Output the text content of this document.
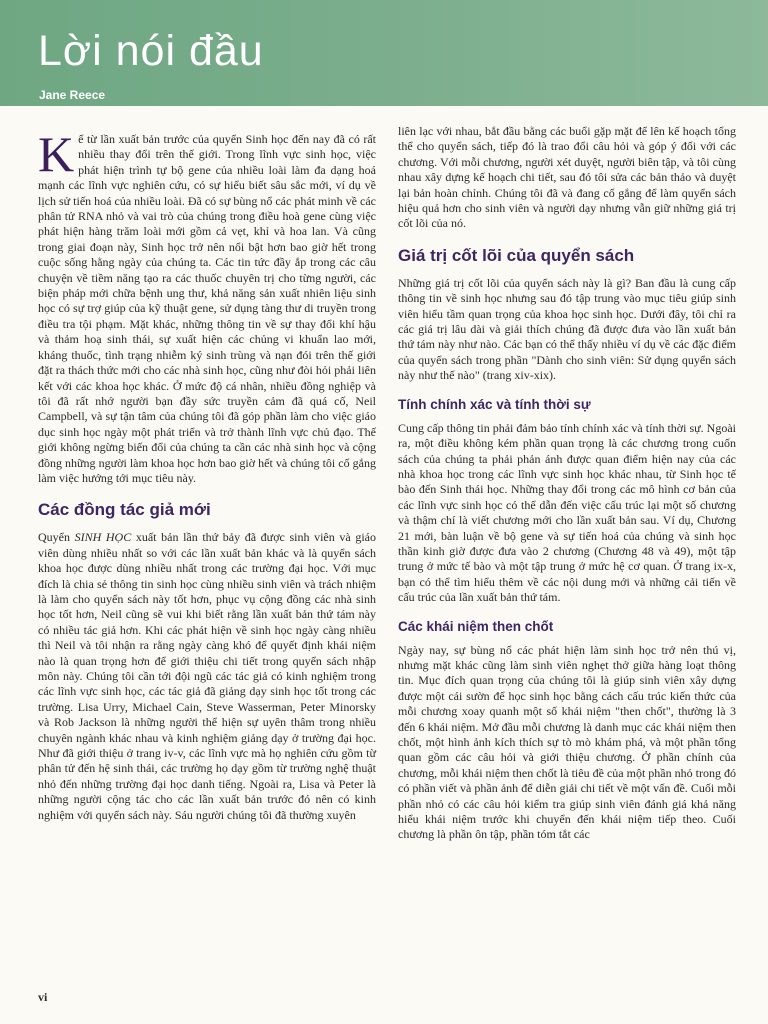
Lời nói đầu
Jane Reece

Kể từ lần xuất bản trước của quyển Sinh học đến nay đã có rất nhiều thay đổi trên thế giới. Trong lĩnh vực sinh học, việc phát hiện trình tự bộ gene của nhiều loài làm đa dạng hoá mạnh các lĩnh vực nghiên cứu, có sự hiểu biết sâu sắc mới, ví dụ về lịch sử tiến hoá của nhiều loài. Đã có sự bùng nổ các phát minh về các phân tử RNA nhỏ và vai trò của chúng trong điều hoà gene cùng việc phát hiện hàng trăm loài mới gồm cả vẹt, khỉ và hoa lan. Và cũng trong giai đoạn này, Sinh học trở nên nổi bật hơn bao giờ hết trong cuộc sống hằng ngày của chúng ta. Các tin tức đầy ắp trong các câu chuyện về tiềm năng tạo ra các thuốc chuyên trị cho từng người, các biện pháp mới chữa bệnh ung thư, khả năng sản xuất nhiên liệu sinh học có sự trợ giúp của kỹ thuật gene, sử dụng tàng thư di truyền trong điều tra tội phạm. Mặt khác, những thông tin về sự thay đổi khí hậu và thảm hoạ sinh thái, sự xuất hiện các chủng vi khuẩn lao mới, kháng thuốc, tình trạng nhiễm ký sinh trùng và nạn đói trên thế giới đặt ra thách thức mới cho các nhà sinh học, cũng như đòi hỏi phải liên kết với các khoa học khác. Ở mức độ cá nhân, nhiều đồng nghiệp và tôi đã rất nhớ người bạn đầy sức truyền cảm đã quá cố, Neil Campbell, và sự tận tâm của chúng tôi đã góp phần làm cho việc giáo dục sinh học ngày một phát triển và trở thành lĩnh vực chủ đạo. Thế giới không ngừng biến đổi của chúng ta cần các nhà sinh học và cộng đồng những người làm khoa học hơn bao giờ hết và chúng tôi cố gắng làm việc hướng tới mục tiêu này.

Các đồng tác giả mới

Quyển SINH HỌC xuất bản lần thứ bảy đã được sinh viên và giáo viên dùng nhiều nhất so với các lần xuất bản khác và là quyển sách khoa học được dùng nhiều nhất trong các trường đại học. Với mục đích là chia sẻ thông tin sinh học cùng nhiều sinh viên và trách nhiệm là làm cho quyển sách này tốt hơn, phục vụ cộng đồng các nhà sinh học tốt hơn, Neil cũng sẽ vui khi biết rằng lần xuất bản thứ tám này có nhiều tác giả hơn. Khi các phát hiện về sinh học ngày càng nhiều thì Neil và tôi nhận ra rằng ngày càng khó để quyết định khái niệm nào là quan trọng hơn để giới thiệu chi tiết trong quyển sách nhập môn này. Chúng tôi cần tới đội ngũ các tác giả có kinh nghiệm trong các lĩnh vực sinh học, các tác giả đã giảng dạy sinh học tốt trong các trường. Lisa Urry, Michael Cain, Steve Wasserman, Peter Minorsky và Rob Jackson là những người thể hiện sự uyên thâm trong nhiều chuyên ngành khác nhau và kinh nghiệm giảng dạy ở trường đại học. Như đã giới thiệu ở trang iv-v, các lĩnh vực mà họ nghiên cứu gồm từ phân tử đến hệ sinh thái, các trường họ dạy gồm từ trường nghệ thuật nhỏ đến những trường đại học danh tiếng. Ngoài ra, Lisa và Peter là những người cộng tác cho các lần xuất bản trước đó nên có kinh nghiệm với quyển sách này. Sáu người chúng tôi đã thường xuyên

liên lạc với nhau, bắt đầu bằng các buổi gặp mặt để lên kế hoạch tổng thể cho quyển sách, tiếp đó là trao đổi câu hỏi và góp ý đối với các chương. Với mỗi chương, người xét duyệt, người biên tập, và tôi cùng nhau xây dựng kế hoạch chi tiết, sau đó tôi sửa các bản thảo và duyệt lại bản hoàn chỉnh. Chúng tôi đã và đang cố gắng để làm quyển sách hiệu quả hơn cho sinh viên và người dạy nhưng vẫn giữ những giá trị cốt lõi của nó.

Giá trị cốt lõi của quyển sách

Những giá trị cốt lõi của quyển sách này là gì? Ban đầu là cung cấp thông tin về sinh học nhưng sau đó tập trung vào mục tiêu giúp sinh viên hiểu tầm quan trọng của khoa học sinh học. Dưới đây, tôi chỉ ra các giá trị lâu dài và giải thích chúng đã được đưa vào lần xuất bản thứ tám này như nào. Các bạn có thể thấy nhiều ví dụ về các đặc điểm của quyển sách trong phần "Dành cho sinh viên: Sử dụng quyển sách này như thế nào" (trang xiv-xix).

Tính chính xác và tính thời sự

Cung cấp thông tin phải đảm bảo tính chính xác và tính thời sự. Ngoài ra, một điều không kém phần quan trọng là các chương trong cuốn sách của chúng ta phải phản ánh được quan điểm hiện nay của các nhà khoa học trong các lĩnh vực sinh học khác nhau, từ Sinh học tế bào đến Sinh thái học. Những thay đổi trong các mô hình cơ bản của các lĩnh vực sinh học có thể dẫn đến việc cấu trúc lại một số chương và thậm chí là viết chương mới cho lần xuất bản sau. Ví dụ, Chương 21 mới, bàn luận về bộ gene và sự tiến hoá của chúng và sinh học thần kinh giờ được đưa vào 2 chương (Chương 48 và 49), một tập trung ở mức tế bào và một tập trung ở mức hệ cơ quan. Ở trang ix-x, bạn có thể tìm hiểu thêm về các nội dung mới và những cải tiến về cấu trúc của lần xuất bản thứ tám.

Các khái niệm then chốt

Ngày nay, sự bùng nổ các phát hiện làm sinh học trở nên thú vị, nhưng mặt khác cũng làm sinh viên nghẹt thở giữa hàng loạt thông tin. Mục đích quan trọng của chúng tôi là giúp sinh viên xây dựng được một cái sườn để học sinh học bằng cách cấu trúc kiến thức của mỗi chương xoay quanh một số khái niệm "then chốt", thường là 3 đến 6 khái niệm. Mở đầu mỗi chương là danh mục các khái niệm then chốt, một hình ảnh kích thích sự tò mò khám phá, và một phần tổng quan gồm các câu hỏi và giới thiệu chương. Ở phần chính của chương, mỗi khái niệm then chốt là tiêu đề của một phần nhỏ trong đó có phần viết và phần ảnh để diễn giải chi tiết về một vấn đề. Cuối mỗi phần nhỏ có các câu hỏi kiểm tra giúp sinh viên đánh giá khả năng hiểu khái niệm trước khi chuyển đến khái niệm tiếp theo. Cuối chương là phần ôn tập, phần tóm tắt các

vi
